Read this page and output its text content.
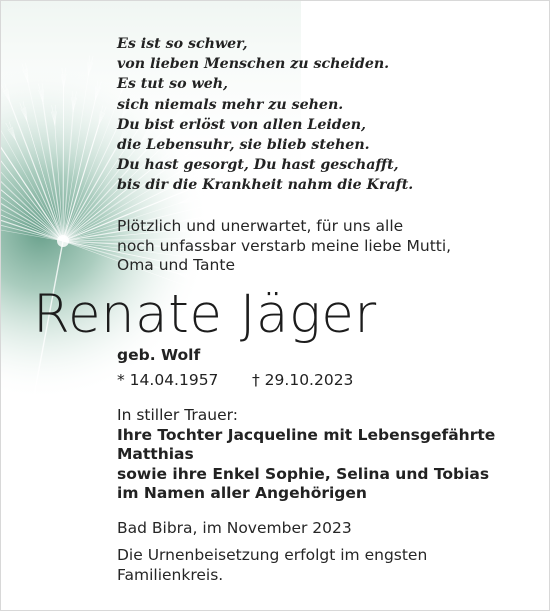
Es ist so schwer,
von lieben Menschen zu scheiden.
Es tut so weh,
sich niemals mehr zu sehen.
Du bist erlöst von allen Leiden,
die Lebensuhr, sie blieb stehen.
Du hast gesorgt, Du hast geschafft,
bis dir die Krankheit nahm die Kraft.
Plötzlich und unerwartet, für uns alle
noch unfassbar verstarb meine liebe Mutti,
Oma und Tante
Renate Jäger
geb. Wolf
* 14.04.1957 † 29.10.2023
In stiller Trauer:
Ihre Tochter Jacqueline mit Lebensgefährte
Matthias
sowie ihre Enkel Sophie, Selina und Tobias
im Namen aller Angehörigen
Bad Bibra, im November 2023
Die Urnenbeisetzung erfolgt im engsten
Familienkreis.
